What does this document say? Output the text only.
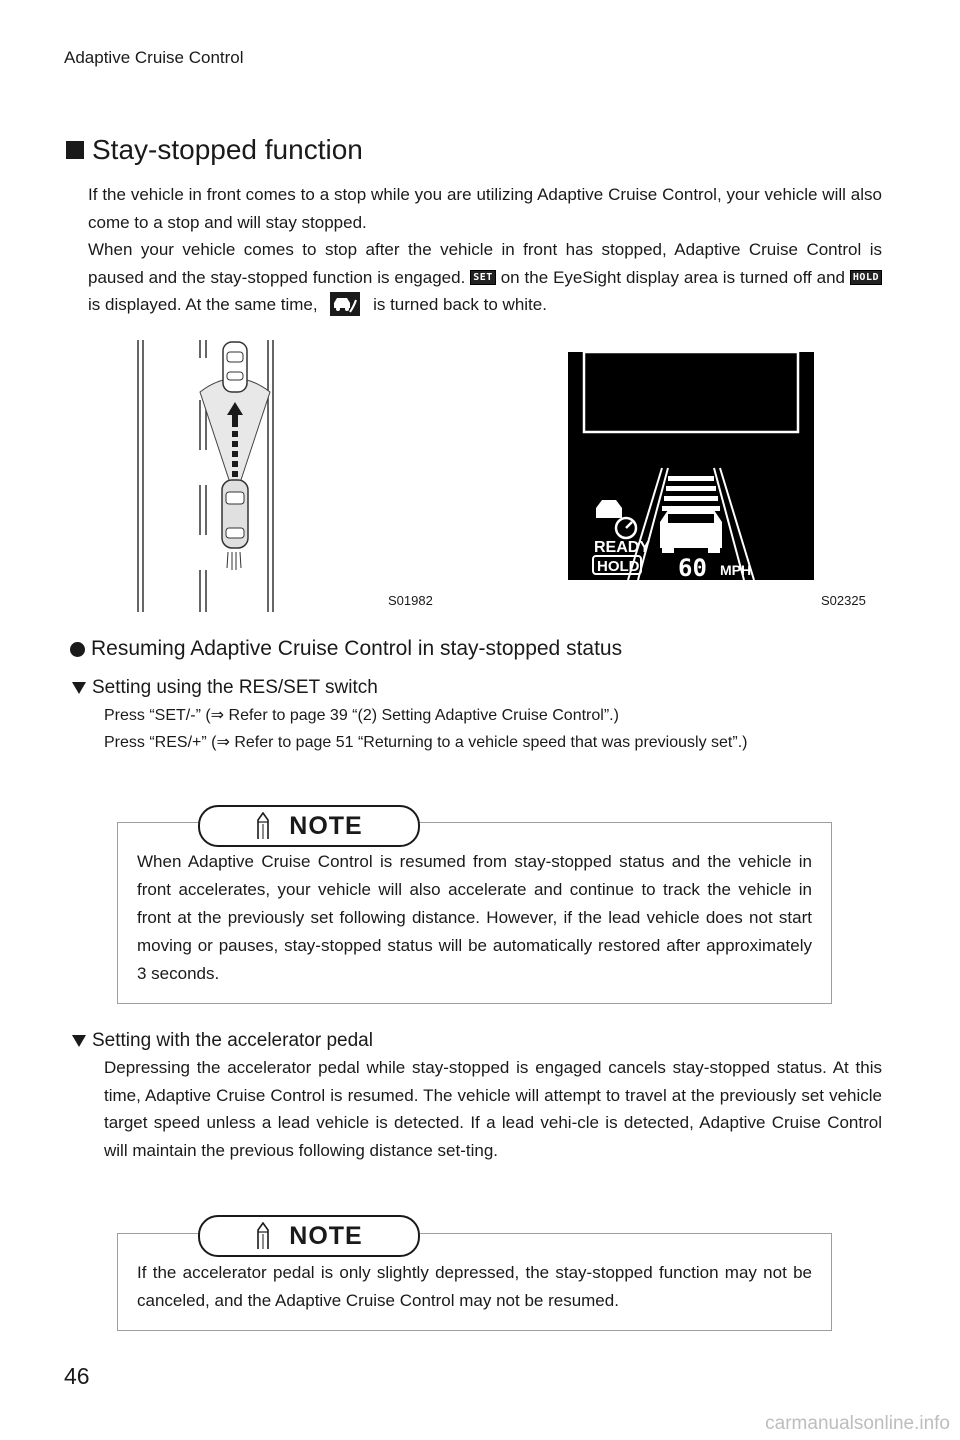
Adaptive Cruise Control
Stay-stopped function
If the vehicle in front comes to a stop while you are utilizing Adaptive Cruise Control, your vehicle will also come to a stop and will stay stopped.
When your vehicle comes to stop after the vehicle in front has stopped, Adaptive Cruise Control is paused and the stay-stopped function is engaged. SET on the EyeSight display area is turned off and HOLD is displayed. At the same time,	is turned back to white.
S01982
READY
HOLD 60 MPH
S02325
Resuming Adaptive Cruise Control in stay-stopped status
Setting using the RES/SET switch

Press “SET/-” (⇒ Refer to page 39 “(2) Setting Adaptive Cruise Control”.)

Press “RES/+” (⇒ Refer to page 51 “Returning to a vehicle speed that was previously set”.)

NOTE
When Adaptive Cruise Control is resumed from stay-stopped status and the vehicle in front accelerates, your vehicle will also accelerate and continue to track the vehicle in front at the previously set following distance. However, if the lead vehicle does not start moving or pauses, stay-stopped status will be automatically restored after approximately 3 seconds.
Setting with the accelerator pedal
Depressing the accelerator pedal while stay-stopped is engaged cancels stay-stopped status. At this time, Adaptive Cruise Control is resumed. The vehicle will attempt to travel at the previously set vehicle target speed unless a lead vehicle is detected. If a lead vehi-cle is detected, Adaptive Cruise Control will maintain the previous following distance set-ting.
NOTE
If the accelerator pedal is only slightly depressed, the stay-stopped function may not be canceled, and the Adaptive Cruise Control may not be resumed.
46
carmanualsonline.info
